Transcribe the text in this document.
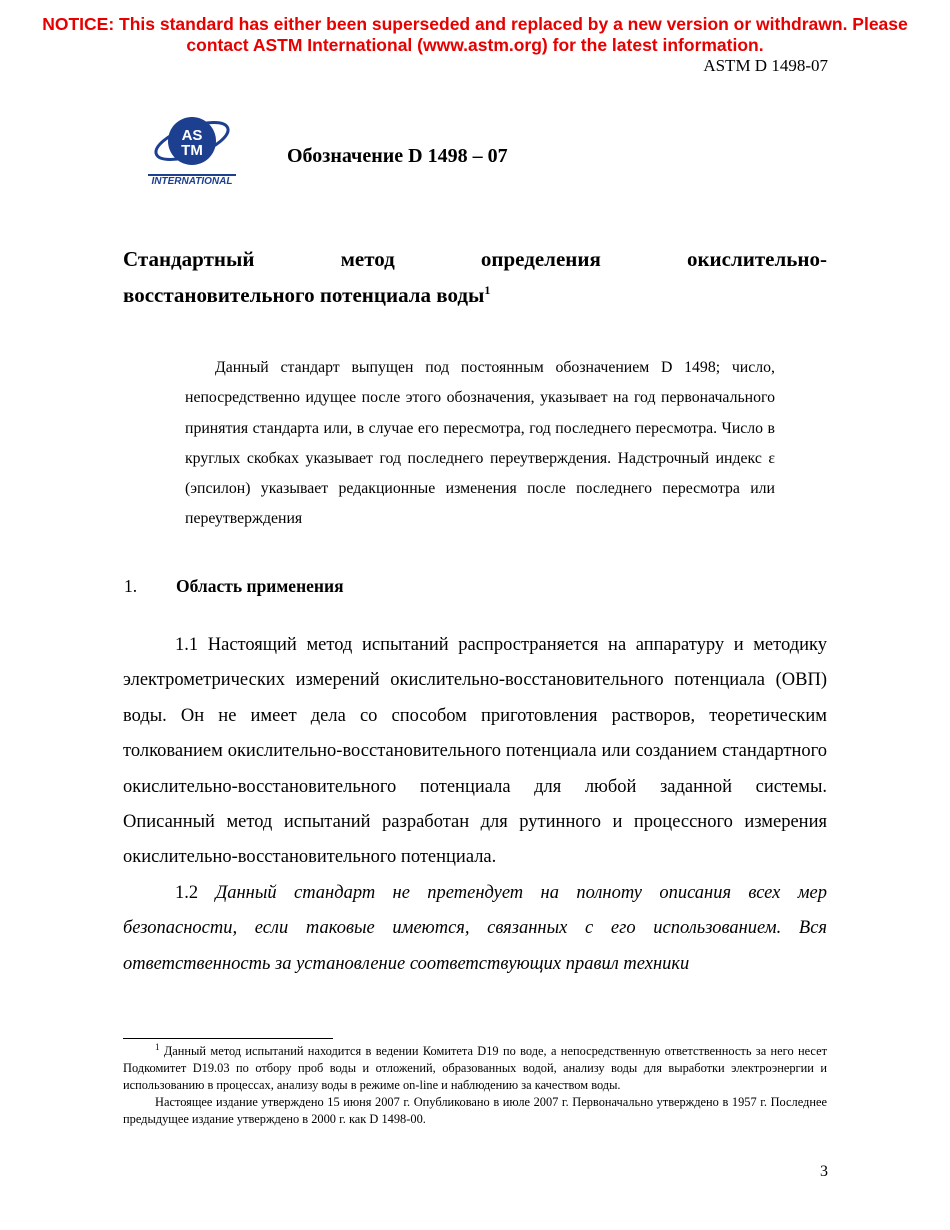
NOTICE: This standard has either been superseded and replaced by a new version or withdrawn. Please
contact ASTM International (www.astm.org) for the latest information.
ASTM D 1498-07
AS
TM
INTERNATIONAL
Обозначение D 1498 – 07
Стандартный	метод	определения	окислительно-
восстановительного потенциала воды$^1$
Данный стандарт выпущен под постоянным обозначением D 1498; число, непосредственно идущее после этого обозначения, указывает на год первоначального принятия стандарта или, в случае его пересмотра, год последнего пересмотра. Число в круглых скобках указывает год последнего переутверждения. Надстрочный индекс ε (эпсилон) указывает редакционные изменения после последнего пересмотра или переутверждения
1. Область применения

1.1 Настоящий метод испытаний распространяется на аппаратуру и методику электрометрических измерений окислительно-восстановительного потенциала (ОВП) воды. Он не имеет дела со способом приготовления растворов, теоретическим толкованием окислительно-восстановительного потенциала или созданием стандартного окислительно-восстановительного потенциала для любой заданной системы. Описанный метод испытаний разработан для рутинного и процессного измерения окислительно-восстановительного потенциала.

1.2 Данный стандарт не претендует на полноту описания всех мер безопасности, если таковые имеются, связанных с его использованием. Вся ответственность за установление соответствующих правил техники

$^1$ Данный метод испытаний находится в ведении Комитета D19 по воде, а непосредственную ответственность за него несет Подкомитет D19.03 по отбору проб воды и отложений, образованных водой, анализу воды для выработки электроэнергии и использованию в процессах, анализу воды в режиме on-line и наблюдению за качеством воды.

Настоящее издание утверждено 15 июня 2007 г. Опубликовано в июле 2007 г. Первоначально утверждено в 1957 г. Последнее предыдущее издание утверждено в 2000 г. как D 1498-00.

3
